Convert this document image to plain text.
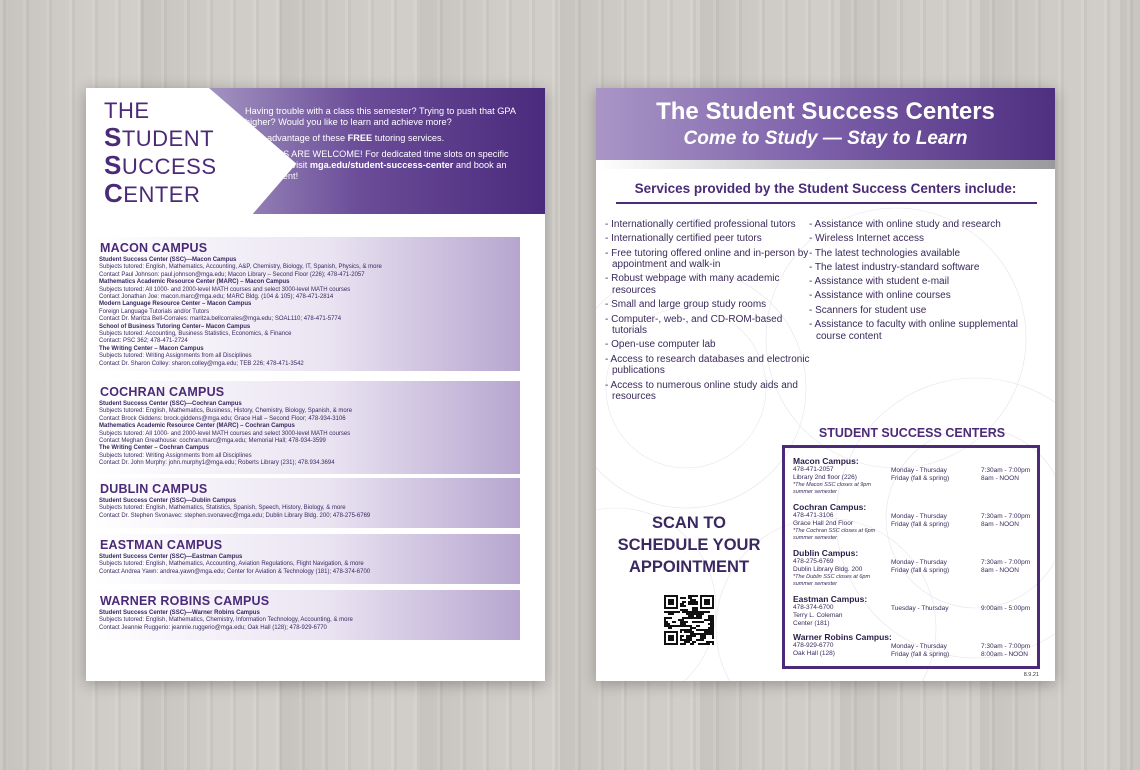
THE
STUDENT
SUCCESS
CENTER

Having trouble with a class this semester? Trying to push that GPA higher? Would you like to learn and achieve more?

Take advantage of these FREE tutoring services.

WALK-INS ARE WELCOME! For dedicated time slots on specific schedules, visit mga.edu/student-success-center and book an appointment!

MACON CAMPUS
Student Success Center (SSC)—Macon Campus
Subjects tutored: English, Mathematics, Accounting, A&P, Chemistry, Biology, IT, Spanish, Physics, & more
Contact Paul Johnson: paul.johnson@mga.edu; Macon Library – Second Floor (226); 478-471-2057
Mathematics Academic Resource Center (MARC) – Macon Campus
Subjects tutored: All 1000- and 2000-level MATH courses and select 3000-level MATH courses
Contact Jonathan Joe: macon.marc@mga.edu; MARC Bldg. (104 & 105); 478-471-2814
Modern Language Resource Center – Macon Campus
Foreign Language Tutorials and/or Tutors
Contact Dr. Maritza Bell-Corrales: maritza.bellcorrales@mga.edu; SOAL110; 478-471-5774
School of Business Tutoring Center– Macon Campus
Subjects tutored: Accounting, Business Statistics, Economics, & Finance
Contact: PSC 362; 478-471-2724
The Writing Center – Macon Campus
Subjects tutored: Writing Assignments from all Disciplines
Contact Dr. Sharon Colley: sharon.colley@mga.edu; TEB 226; 478-471-3542
COCHRAN CAMPUS
Student Success Center (SSC)—Cochran Campus
Subjects tutored: English, Mathematics, Business, History, Chemistry, Biology, Spanish, & more
Contact Brock Giddens: brock.giddens@mga.edu; Grace Hall – Second Floor; 478-934-3106
Mathematics Academic Resource Center (MARC) – Cochran Campus
Subjects tutored: All 1000- and 2000-level MATH courses and select 3000-level MATH courses
Contact Meghan Greathouse: cochran.marc@mga.edu; Memorial Hall; 478-934-3599
The Writing Center – Cochran Campus
Subjects tutored: Writing Assignments from all Disciplines
Contact Dr. John Murphy: john.murphy1@mga.edu; Roberts Library (231); 478.934.3694
DUBLIN CAMPUS
Student Success Center (SSC)—Dublin Campus
Subjects tutored: English, Mathematics, Statistics, Spanish, Speech, History, Biology, & more
Contact Dr. Stephen Svonavec: stephen.svonavec@mga.edu; Dublin Library Bldg. 200; 478-275-6769
EASTMAN CAMPUS
Student Success Center (SSC)—Eastman Campus
Subjects tutored: English, Mathematics, Accounting, Aviation Regulations, Flight Navigation, & more
Contact Andrea Yawn: andrea.yawn@mga.edu; Center for Aviation & Technology (181); 478-374-6700
WARNER ROBINS CAMPUS
Student Success Center (SSC)—Warner Robins Campus
Subjects tutored: English, Mathematics, Chemistry, Information Technology, Accounting, & more
Contact Jeannie Ruggerio: jeannie.ruggerio@mga.edu; Oak Hall (128); 478-929-6770
The Student Success Centers
Come to Study — Stay to Learn
Services provided by the Student Success Centers include:
- Internationally certified professional tutors
- Internationally certified peer tutors
- Free tutoring offered online and in-person by appointment and walk-in
- Robust webpage with many academic resources
- Small and large group study rooms
- Computer-, web-, and CD-ROM-based tutorials
- Open-use computer lab
- Access to research databases and electronic publications
- Access to numerous online study aids and resources
- Assistance with online study and research
- Wireless Internet access
- The latest technologies available
- The latest industry-standard software
- Assistance with student e-mail
- Assistance with online courses
- Scanners for student use
- Assistance to faculty with online supplemental course content
STUDENT SUCCESS CENTERS
Macon Campus:
478-471-2057
Library 2nd floor (226)
*The Macon SSC closes at 9pm summer semester
Monday - Thursday
Friday (fall & spring)
7:30am - 7:00pm
8am - NOON
Cochran Campus:
478-471-3106
Grace Hall 2nd Floor
*The Cochran SSC closes at 6pm summer semester
Monday - Thursday
Friday (fall & spring)
7:30am - 7:00pm
8am - NOON
Dublin Campus:
478-275-6769
Dublin Library Bldg. 200
*The Dublin SSC closes at 6pm summer semester
Monday - Thursday
Friday (fall & spring)
7:30am - 7:00pm
8am - NOON
Eastman Campus:
478-374-6700
Terry L. Coleman
Center (181)
Tuesday - Thursday	9:00am - 5:00pm
Warner Robins Campus:
478-929-6770
Oak Hall (128)
Monday - Thursday
Friday (fall & spring)
7:30am - 7:00pm
8:00am - NOON
SCAN TO
SCHEDULE YOUR
APPOINTMENT
8.9.21
